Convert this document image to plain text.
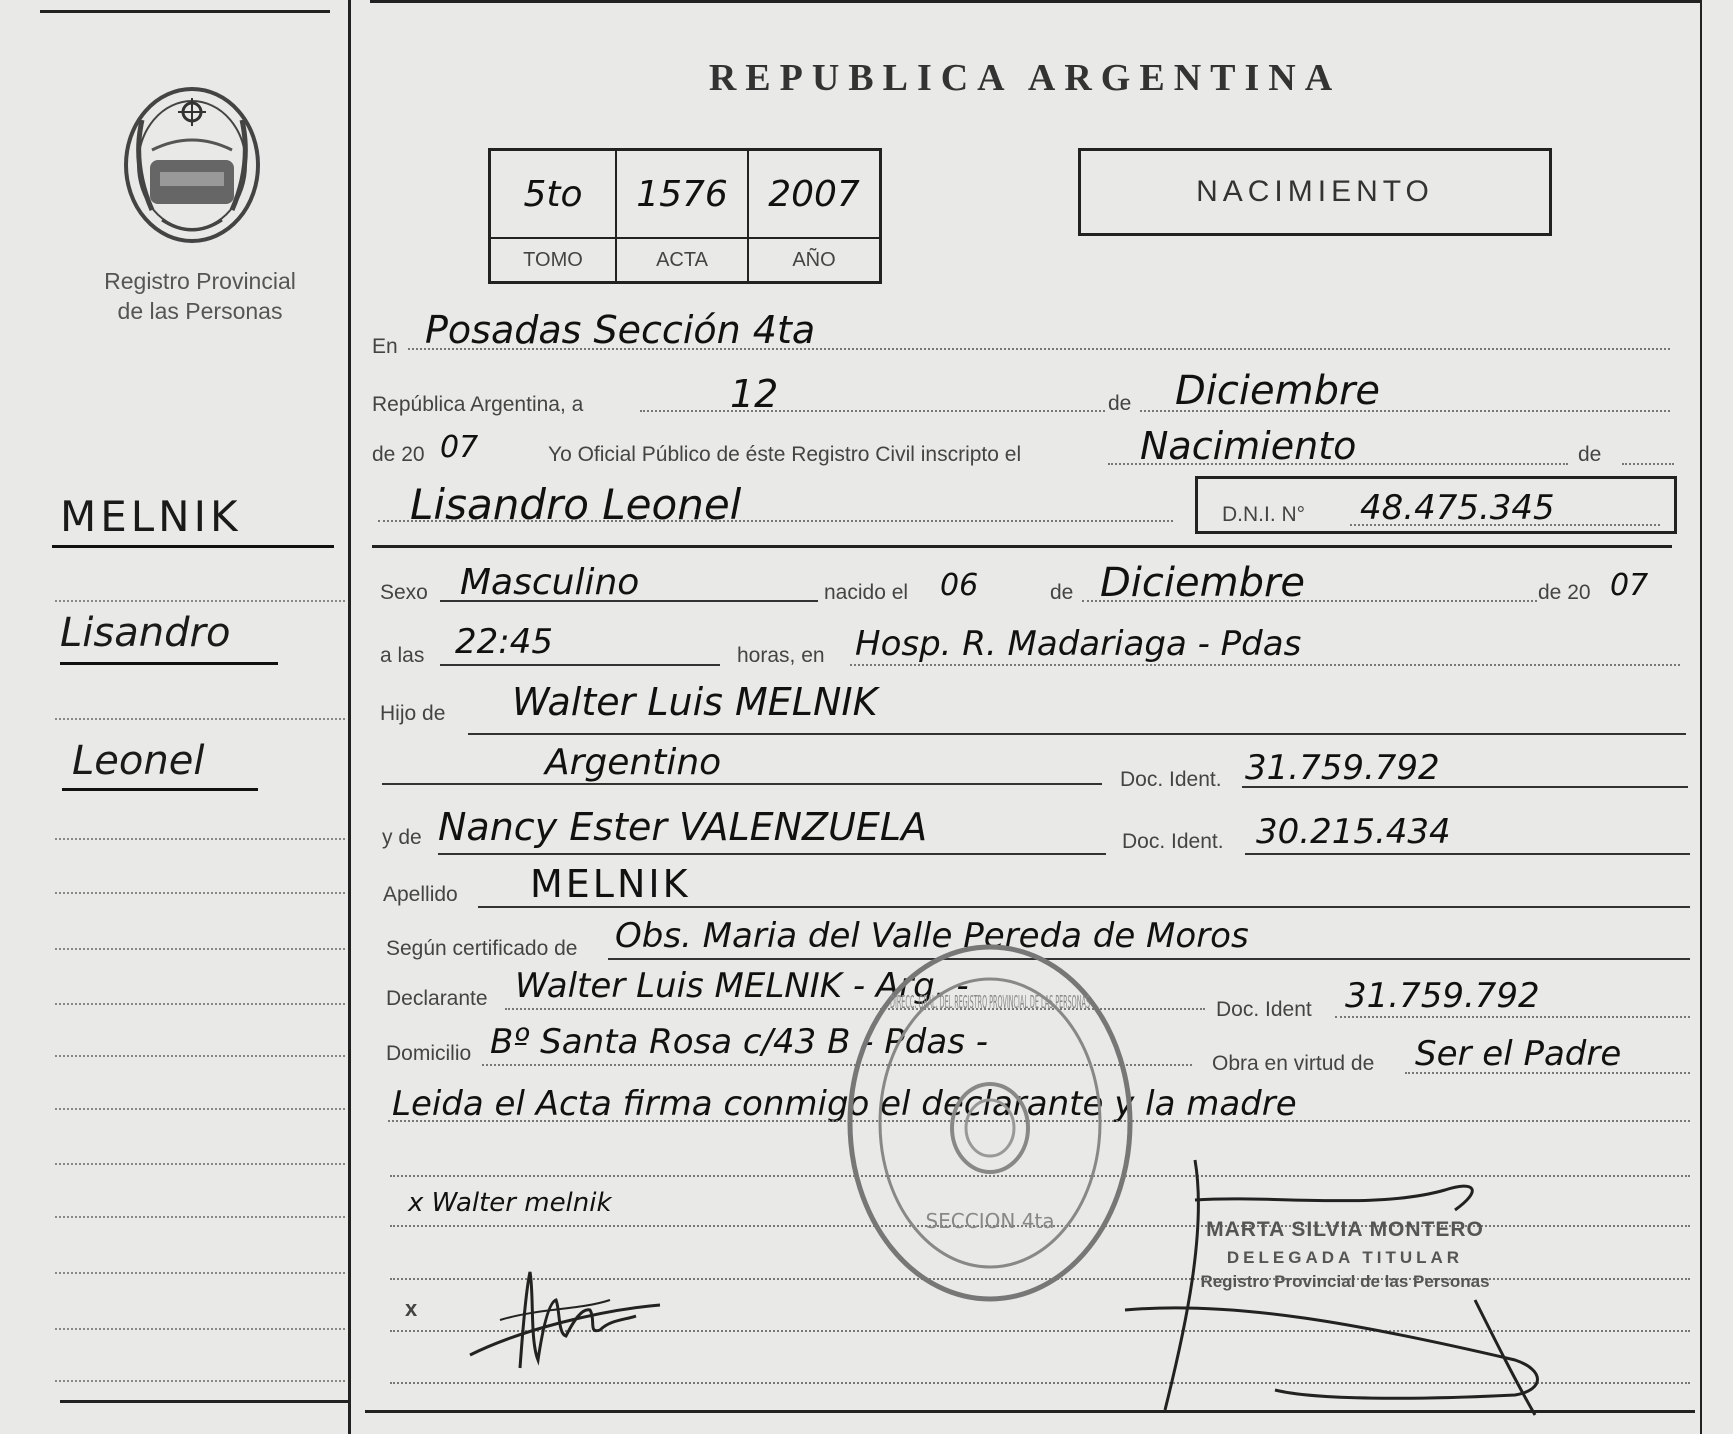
Registro Provincial
de las Personas
MELNIK
Lisandro
Leonel
REPUBLICA ARGENTINA
5to 1576 2007
TOMO	ACTA	AÑO
NACIMIENTO
En Posadas Sección 4ta
República Argentina, a	12	de Diciembre
de 20 07	Yo Oficial Público de éste Registro Civil inscripto el	Nacimiento	de
Lisandro Leonel	D.N.I. N° 48.475.345
Sexo Masculino	nacido el 06	de Diciembre	de 20 07
a las 22:45	horas, en Hosp. R. Madariaga - Pdas
Hijo de Walter Luis MELNIK
Argentino	Doc. Ident. 31.759.792
y de Nancy Ester VALENZUELA	Doc. Ident. 30.215.434
Apellido MELNIK
Según certificado de Obs. Maria del Valle Pereda de Moros
Declarante Walter Luis MELNIK - Arg. -
Doc. Ident 31.759.792
Domicilio Bº Santa Rosa c/43 B - Pdas -
Obra en virtud de Ser el Padre
Leida el Acta firma conmigo el declarante y la madre
x Walter melnik
x
DIRECC. GRAL. DEL REGISTRO PROVINCIAL DE LAS PERSONAS
SECCION 4ta	MARTA SILVIA MONTERO
DELEGADA TITULAR
Registro Provincial de las Personas
